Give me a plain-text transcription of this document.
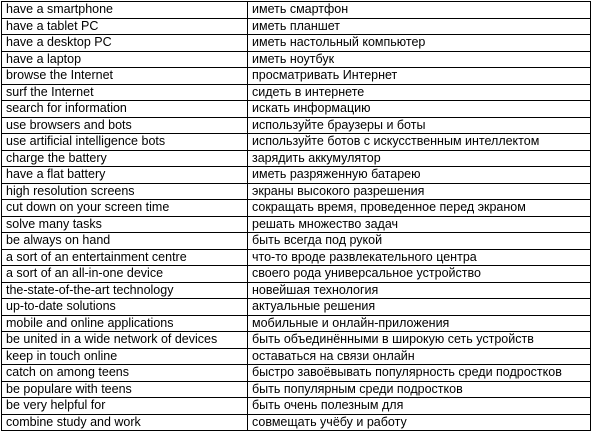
have a smartphone	иметь смартфон
have a tablet PC	иметь планшет
have a desktop PC	иметь настольный компьютер
have a laptop	иметь ноутбук
browse the Internet	просматривать Интернет
surf the Internet	сидеть в интернете
search for information	искать информацию
use browsers and bots	используйте браузеры и боты
use artificial intelligence bots	используйте ботов с искусственным интеллектом
charge the battery	зарядить аккумулятор
have a flat battery	иметь разряженную батарею
high resolution screens	экраны высокого разрешения
cut down on your screen time	сокращать время, проведенное перед экраном
solve many tasks	решать множество задач
be always on hand	быть всегда под рукой
a sort of an entertainment centre	что-то вроде развлекательного центра
a sort of an all-in-one device	своего рода универсальное устройство
the-state-of-the-art technology	новейшая технология
up-to-date solutions	актуальные решения
mobile and online applications	мобильные и онлайн-приложения
be united in a wide network of devices	быть объединёнными в широкую сеть устройств
keep in touch online	оставаться на связи онлайн
catch on among teens	быстро завоёвывать популярность среди подростков
be populare with teens	быть популярным среди подростков
be very helpful for	быть очень полезным для
combine study and work	совмещать учёбу и работу
